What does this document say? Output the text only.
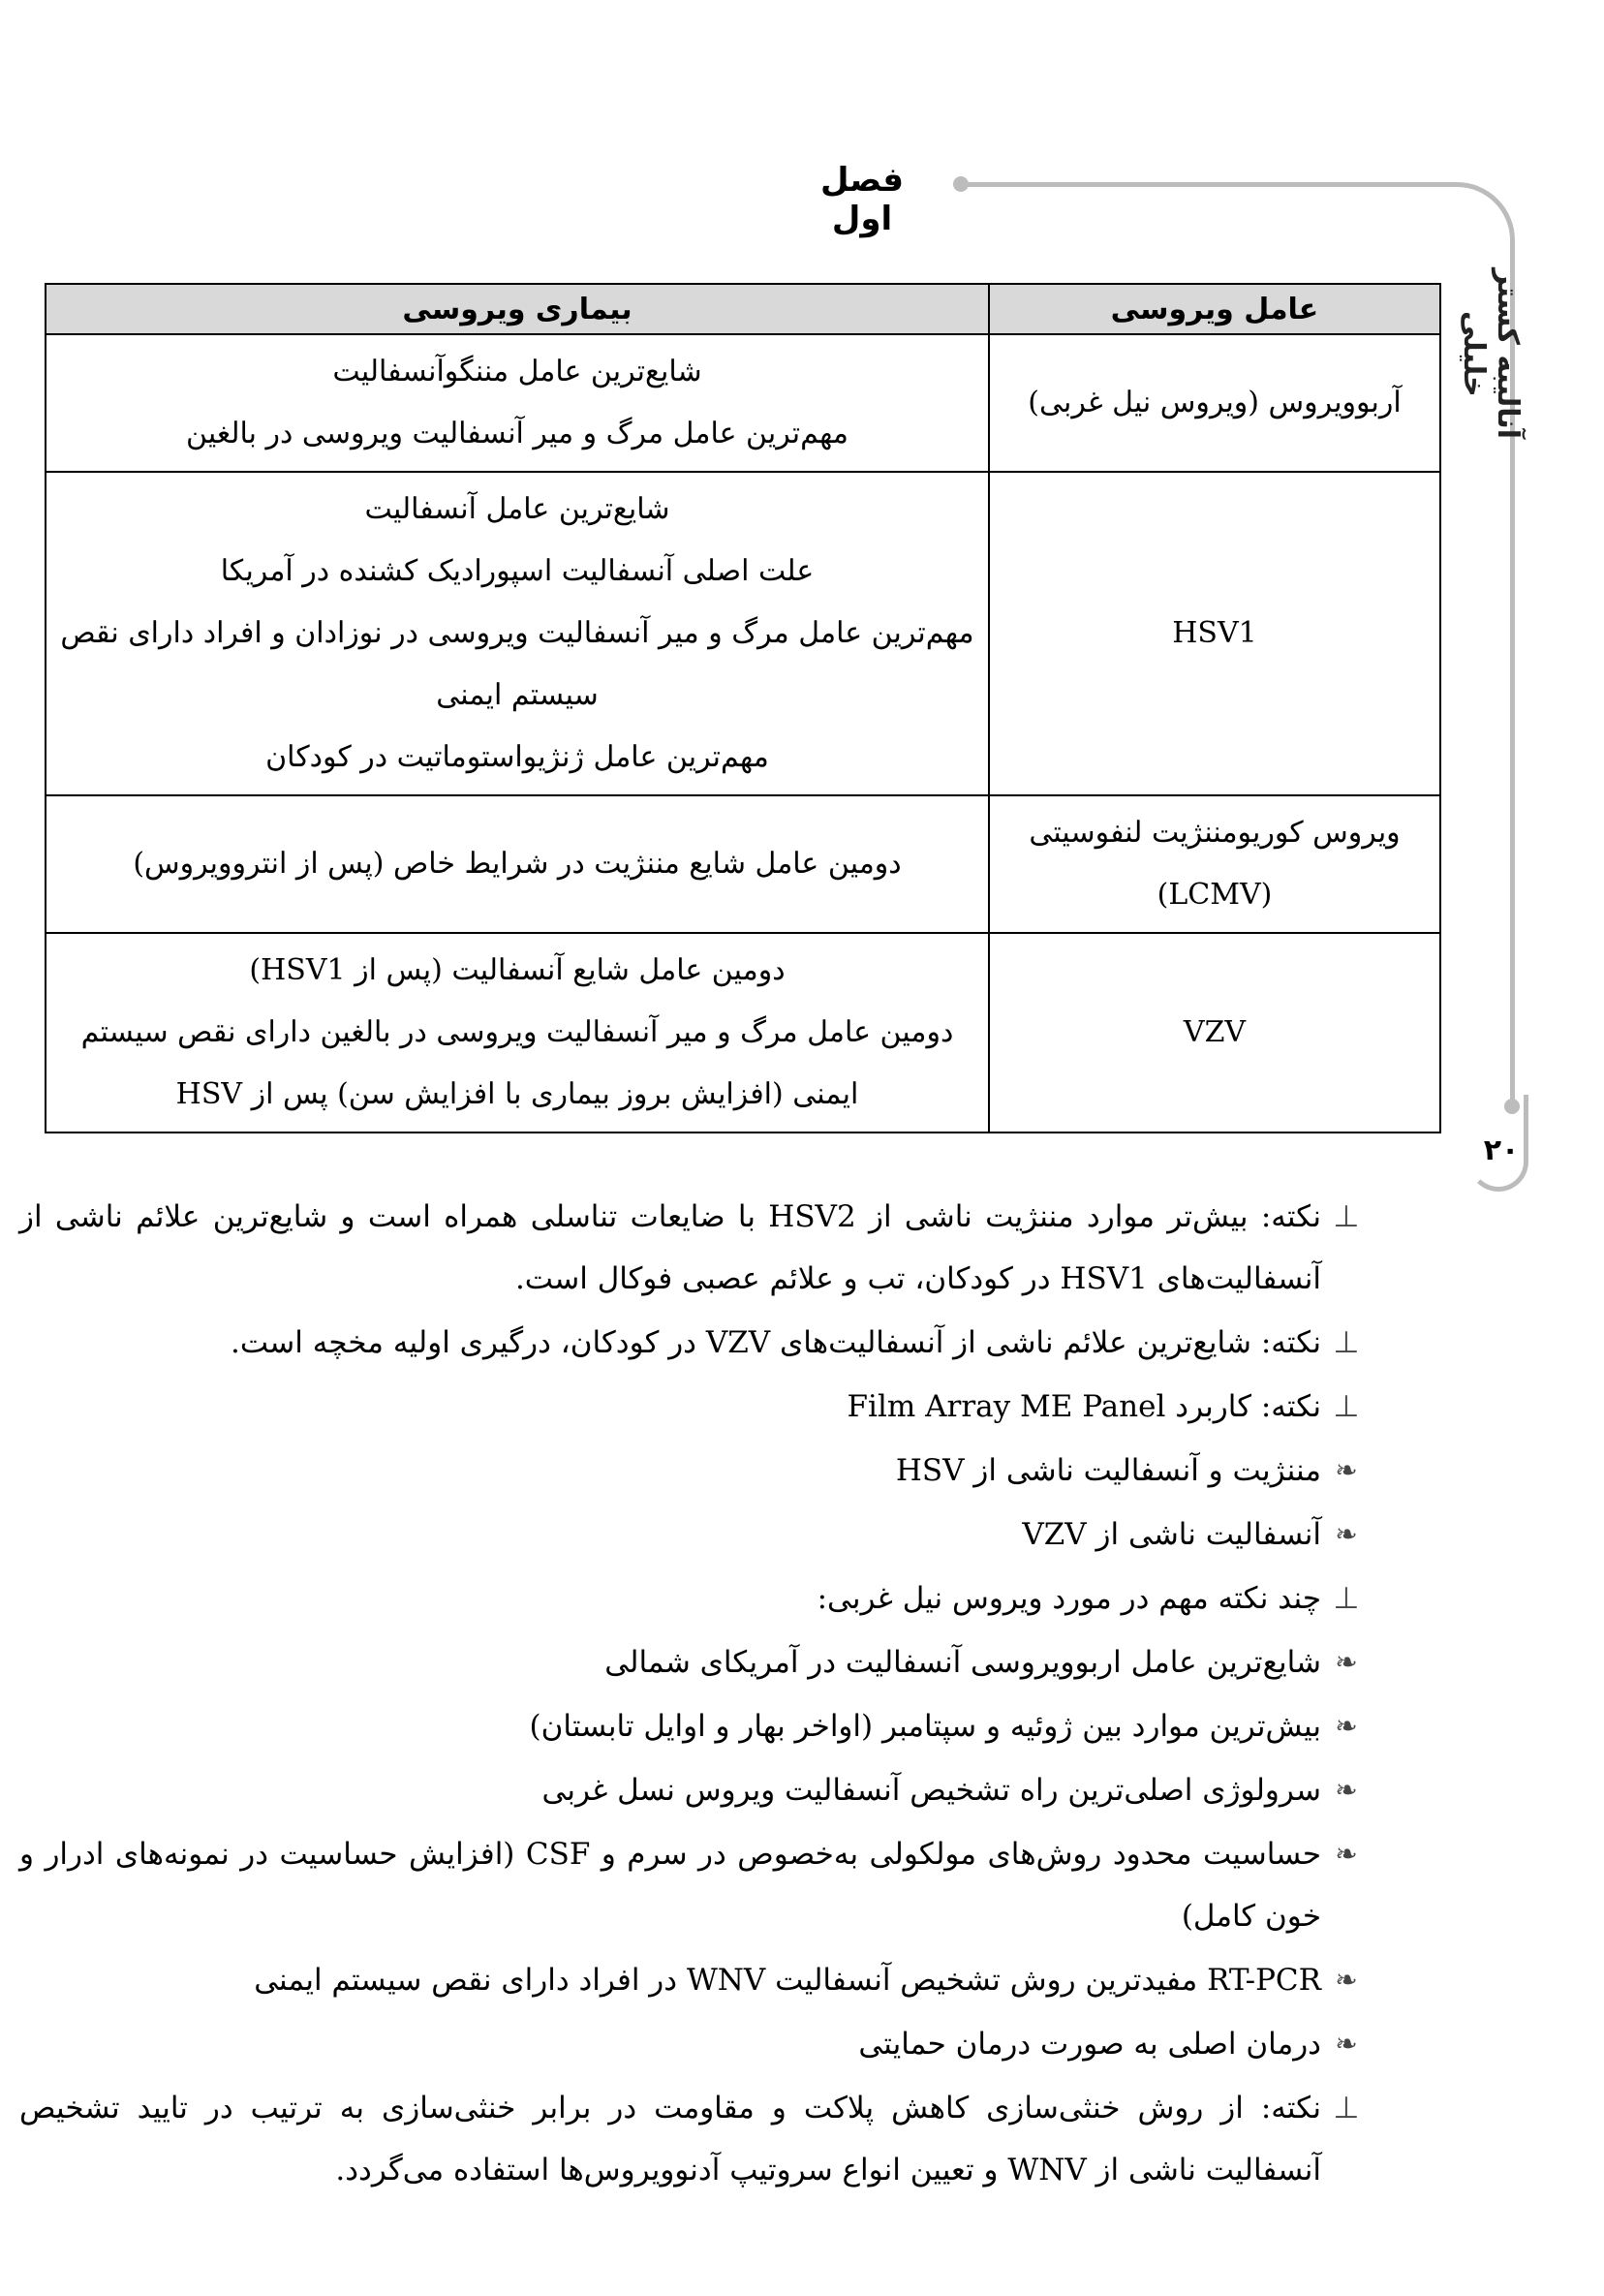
فصل اول
آنالیبه کستر خلیلی
۲۰
عامل ویروسی	بیماری ویروسی

آربوویروس (ویروس نیل غربی)	شایع‌ترین عامل مننگوآنسفالیت
مهم‌ترین عامل مرگ و میر آنسفالیت ویروسی در بالغین

HSV1	شایع‌ترین عامل آنسفالیت
علت اصلی آنسفالیت اسپورادیک کشنده در آمریکا
مهم‌ترین عامل مرگ و میر آنسفالیت ویروسی در نوزادان و افراد دارای نقص
سیستم ایمنی
مهم‌ترین عامل ژنژیواستوماتیت در کودکان

ویروس کوریومننژیت لنفوسیتی
(LCMV)	دومین عامل شایع مننژیت در شرایط خاص (پس از انتروویروس)

VZV	دومین عامل شایع آنسفالیت (پس از HSV1)
دومین عامل مرگ و میر آنسفالیت ویروسی در بالغین دارای نقص سیستم
ایمنی (افزایش بروز بیماری با افزایش سن) پس از HSV
⊥
نکته: بیش‌تر موارد مننژیت ناشی از HSV2 با ضایعات تناسلی همراه است و شایع‌ترین علائم ناشی از آنسفالیت‌های HSV1 در کودکان، تب و علائم عصبی فوکال است.
⊥
نکته: شایع‌ترین علائم ناشی از آنسفالیت‌های VZV در کودکان، درگیری اولیه مخچه است.
⊥
نکته: کاربرد Film Array ME Panel
❧
مننژیت و آنسفالیت ناشی از HSV
❧
آنسفالیت ناشی از VZV
⊥
چند نکته مهم در مورد ویروس نیل غربی:
❧
شایع‌ترین عامل اربوویروسی آنسفالیت در آمریکای شمالی
❧
بیش‌ترین موارد بین ژوئیه و سپتامبر (اواخر بهار و اوایل تابستان)
❧
سرولوژی اصلی‌ترین راه تشخیص آنسفالیت ویروس نسل غربی
❧
حساسیت محدود روش‌های مولکولی به‌خصوص در سرم و CSF (افزایش حساسیت در نمونه‌های ادرار و خون کامل)
❧
RT-PCR مفیدترین روش تشخیص آنسفالیت WNV در افراد دارای نقص سیستم ایمنی
❧
درمان اصلی به صورت درمان حمایتی
⊥
نکته: از روش خنثی‌سازی کاهش پلاکت و مقاومت در برابر خنثی‌سازی به ترتیب در تایید تشخیص آنسفالیت ناشی از WNV و تعیین انواع سروتیپ آدنوویروس‌ها استفاده می‌گردد.
